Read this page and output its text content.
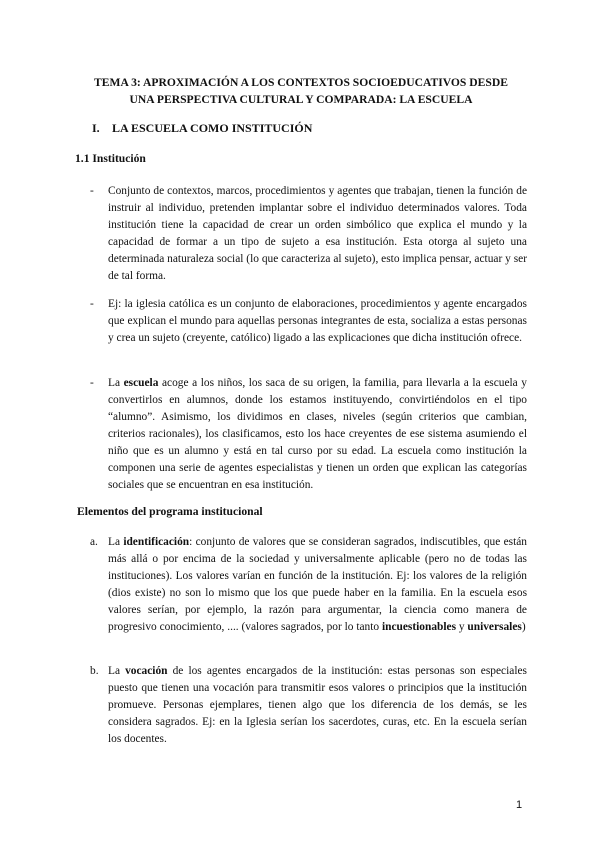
TEMA 3: APROXIMACIÓN A LOS CONTEXTOS SOCIOEDUCATIVOS DESDE
UNA PERSPECTIVA CULTURAL Y COMPARADA: LA ESCUELA
I. LA ESCUELA COMO INSTITUCIÓN
1.1 Institución
-	Conjunto de contextos, marcos, procedimientos y agentes que trabajan, tienen la función de instruir al individuo, pretenden implantar sobre el individuo determinados valores. Toda institución tiene la capacidad de crear un orden simbólico que explica el mundo y la capacidad de formar a un tipo de sujeto a esa institución. Esta otorga al sujeto una determinada naturaleza social (lo que caracteriza al sujeto), esto implica pensar, actuar y ser de tal forma.
-	Ej: la iglesia católica es un conjunto de elaboraciones, procedimientos y agente encargados que explican el mundo para aquellas personas integrantes de esta, socializa a estas personas y crea un sujeto (creyente, católico) ligado a las explicaciones que dicha institución ofrece.
-	La escuela acoge a los niños, los saca de su origen, la familia, para llevarla a la escuela y convertirlos en alumnos, donde los estamos instituyendo, convirtiéndolos en el tipo “alumno”. Asimismo, los dividimos en clases, niveles (según criterios que cambian, criterios racionales), los clasificamos, esto los hace creyentes de ese sistema asumiendo el niño que es un alumno y está en tal curso por su edad. La escuela como institución la componen una serie de agentes especialistas y tienen un orden que explican las categorías sociales que se encuentran en esa institución.
Elementos del programa institucional
a. La identificación: conjunto de valores que se consideran sagrados, indiscutibles, que están más allá o por encima de la sociedad y universalmente aplicable (pero no de todas las instituciones). Los valores varían en función de la institución. Ej: los valores de la religión (dios existe) no son lo mismo que los que puede haber en la familia. En la escuela esos valores serían, por ejemplo, la razón para argumentar, la ciencia como manera de progresivo conocimiento, .... (valores sagrados, por lo tanto incuestionables y universales)
b. La vocación de los agentes encargados de la institución: estas personas son especiales puesto que tienen una vocación para transmitir esos valores o principios que la institución promueve. Personas ejemplares, tienen algo que los diferencia de los demás, se les considera sagrados. Ej: en la Iglesia serían los sacerdotes, curas, etc. En la escuela serían los docentes.
1
